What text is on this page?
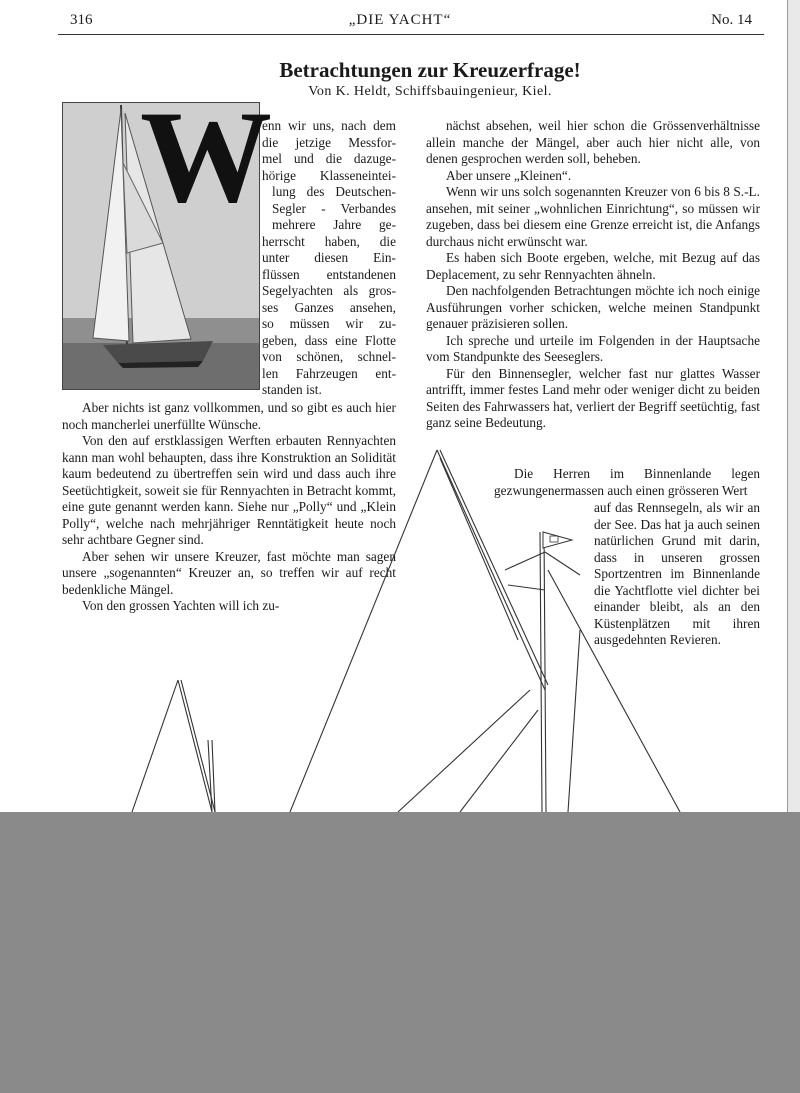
316	„DIE YACHT“	No. 14
Betrachtungen zur Kreuzerfrage!
Von K. Heldt, Schiffsbauingenieur, Kiel.
W
enn wir uns, nach dem
die jetzige Messfor-
mel und die dazuge-
hörige Klasseneintei-
lung des Deutschen-
Segler - Verbandes
mehrere Jahre ge-
herrscht haben, die
unter diesen Ein-
flüssen entstandenen
Segelyachten als gros-
ses Ganzes ansehen,
so müssen wir zu-
geben, dass eine Flotte
von schönen, schnel-
len Fahrzeugen ent-
standen ist.

Aber nichts ist ganz vollkommen, und so gibt es auch hier noch mancherlei unerfüllte Wünsche.

Von den auf erstklassigen Werften erbauten Rennyachten kann man wohl behaupten, dass ihre Konstruktion an Solidität kaum bedeutend zu übertreffen sein wird und dass auch ihre Seetüchtigkeit, soweit sie für Rennyachten in Betracht kommt, eine gute genannt werden kann. Siehe nur „Polly“ und „Klein Polly“, welche nach mehrjähriger Renntätigkeit heute noch sehr achtbare Gegner sind.

Aber sehen wir unsere Kreuzer, fast möchte man sagen unsere „sogenannten“ Kreuzer an, so treffen wir auf recht bedenkliche Mängel.

Von den grossen Yachten will ich zu-

nächst absehen, weil hier schon die Grössenverhältnisse allein manche der Mängel, aber auch hier nicht alle, von denen gesprochen werden soll, beheben.

Aber unsere „Kleinen“.

Wenn wir uns solch sogenannten Kreuzer von 6 bis 8 S.-L. ansehen, mit seiner „wohnlichen Einrichtung“, so müssen wir zugeben, dass bei diesem eine Grenze erreicht ist, die Anfangs durchaus nicht erwünscht war.

Es haben sich Boote ergeben, welche, mit Bezug auf das Deplacement, zu sehr Rennyachten ähneln.

Den nachfolgenden Betrachtungen möchte ich noch einige Ausführungen vorher schicken, welche meinen Standpunkt genauer präzisieren sollen.

Ich spreche und urteile im Folgenden in der Hauptsache vom Standpunkte des Seeseglers.

Für den Binnensegler, welcher fast nur glattes Wasser antrifft, immer festes Land mehr oder weniger dicht zu beiden Seiten des Fahrwassers hat, verliert der Begriff seetüchtig, fast ganz seine Bedeutung.

Die Herren im Binnenlande legen gezwungenermassen auch einen grösseren Wert

auf das Rennsegeln, als wir an der See. Das hat ja auch seinen natürlichen Grund mit darin, dass in unseren grossen Sportzentren im Binnenlande die Yachtflotte viel dichter bei einander bleibt, als an den Küstenplätzen mit ihren ausgedehnten Revieren.
